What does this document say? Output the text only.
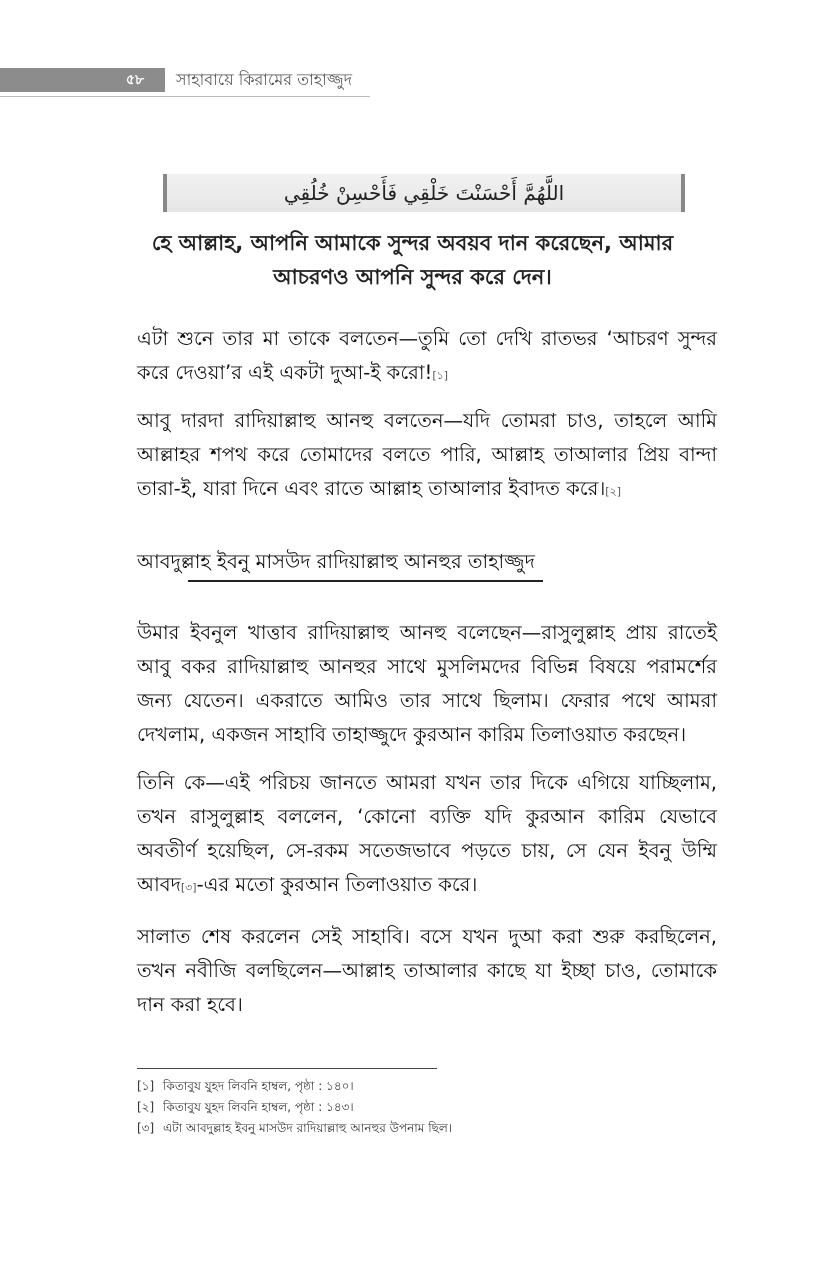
৫৮	সাহাবায়ে কিরামের তাহাজ্জুদ
اللَّهُمَّ أَحْسَنْتَ خَلْقِي فَأَحْسِنْ خُلُقِي
হে আল্লাহ, আপনি আমাকে সুন্দর অবয়ব দান করেছেন, আমার আচরণও আপনি সুন্দর করে দেন।
এটা শুনে তার মা তাকে বলতেন—তুমি তো দেখি রাতভর ‘আচরণ সুন্দর করে দেওয়া’র এই একটা দুআ-ই করো![১]
আবু দারদা রাদিয়াল্লাহু আনহু বলতেন—যদি তোমরা চাও, তাহলে আমি আল্লাহর শপথ করে তোমাদের বলতে পারি, আল্লাহ তাআলার প্রিয় বান্দা তারা-ই, যারা দিনে এবং রাতে আল্লাহ তাআলার ইবাদত করে।[২]
আবদুল্লাহ ইবনু মাসউদ রাদিয়াল্লাহু আনহুর তাহাজ্জুদ
উমার ইবনুল খাত্তাব রাদিয়াল্লাহু আনহু বলেছেন—রাসুলুল্লাহ প্রায় রাতেই আবু বকর রাদিয়াল্লাহু আনহুর সাথে মুসলিমদের বিভিন্ন বিষয়ে পরামর্শের জন্য যেতেন। একরাতে আমিও তার সাথে ছিলাম। ফেরার পথে আমরা দেখলাম, একজন সাহাবি তাহাজ্জুদে কুরআন কারিম তিলাওয়াত করছেন।
তিনি কে—এই পরিচয় জানতে আমরা যখন তার দিকে এগিয়ে যাচ্ছিলাম, তখন রাসুলুল্লাহ বললেন, ‘কোনো ব্যক্তি যদি কুরআন কারিম যেভাবে অবতীর্ণ হয়েছিল, সে-রকম সতেজভাবে পড়তে চায়, সে যেন ইবনু উম্মি আবদ[৩]-এর মতো কুরআন তিলাওয়াত করে।
সালাত শেষ করলেন সেই সাহাবি। বসে যখন দুআ করা শুরু করছিলেন, তখন নবীজি বলছিলেন—আল্লাহ তাআলার কাছে যা ইচ্ছা চাও, তোমাকে দান করা হবে।
[১] কিতাবুয যুহদ লিবনি হাম্বল, পৃষ্ঠা : ১৪০।
[২] কিতাবুয যুহদ লিবনি হাম্বল, পৃষ্ঠা : ১৪৩।
[৩] এটা আবদুল্লাহ ইবনু মাসউদ রাদিয়াল্লাহু আনহুর উপনাম ছিল।
